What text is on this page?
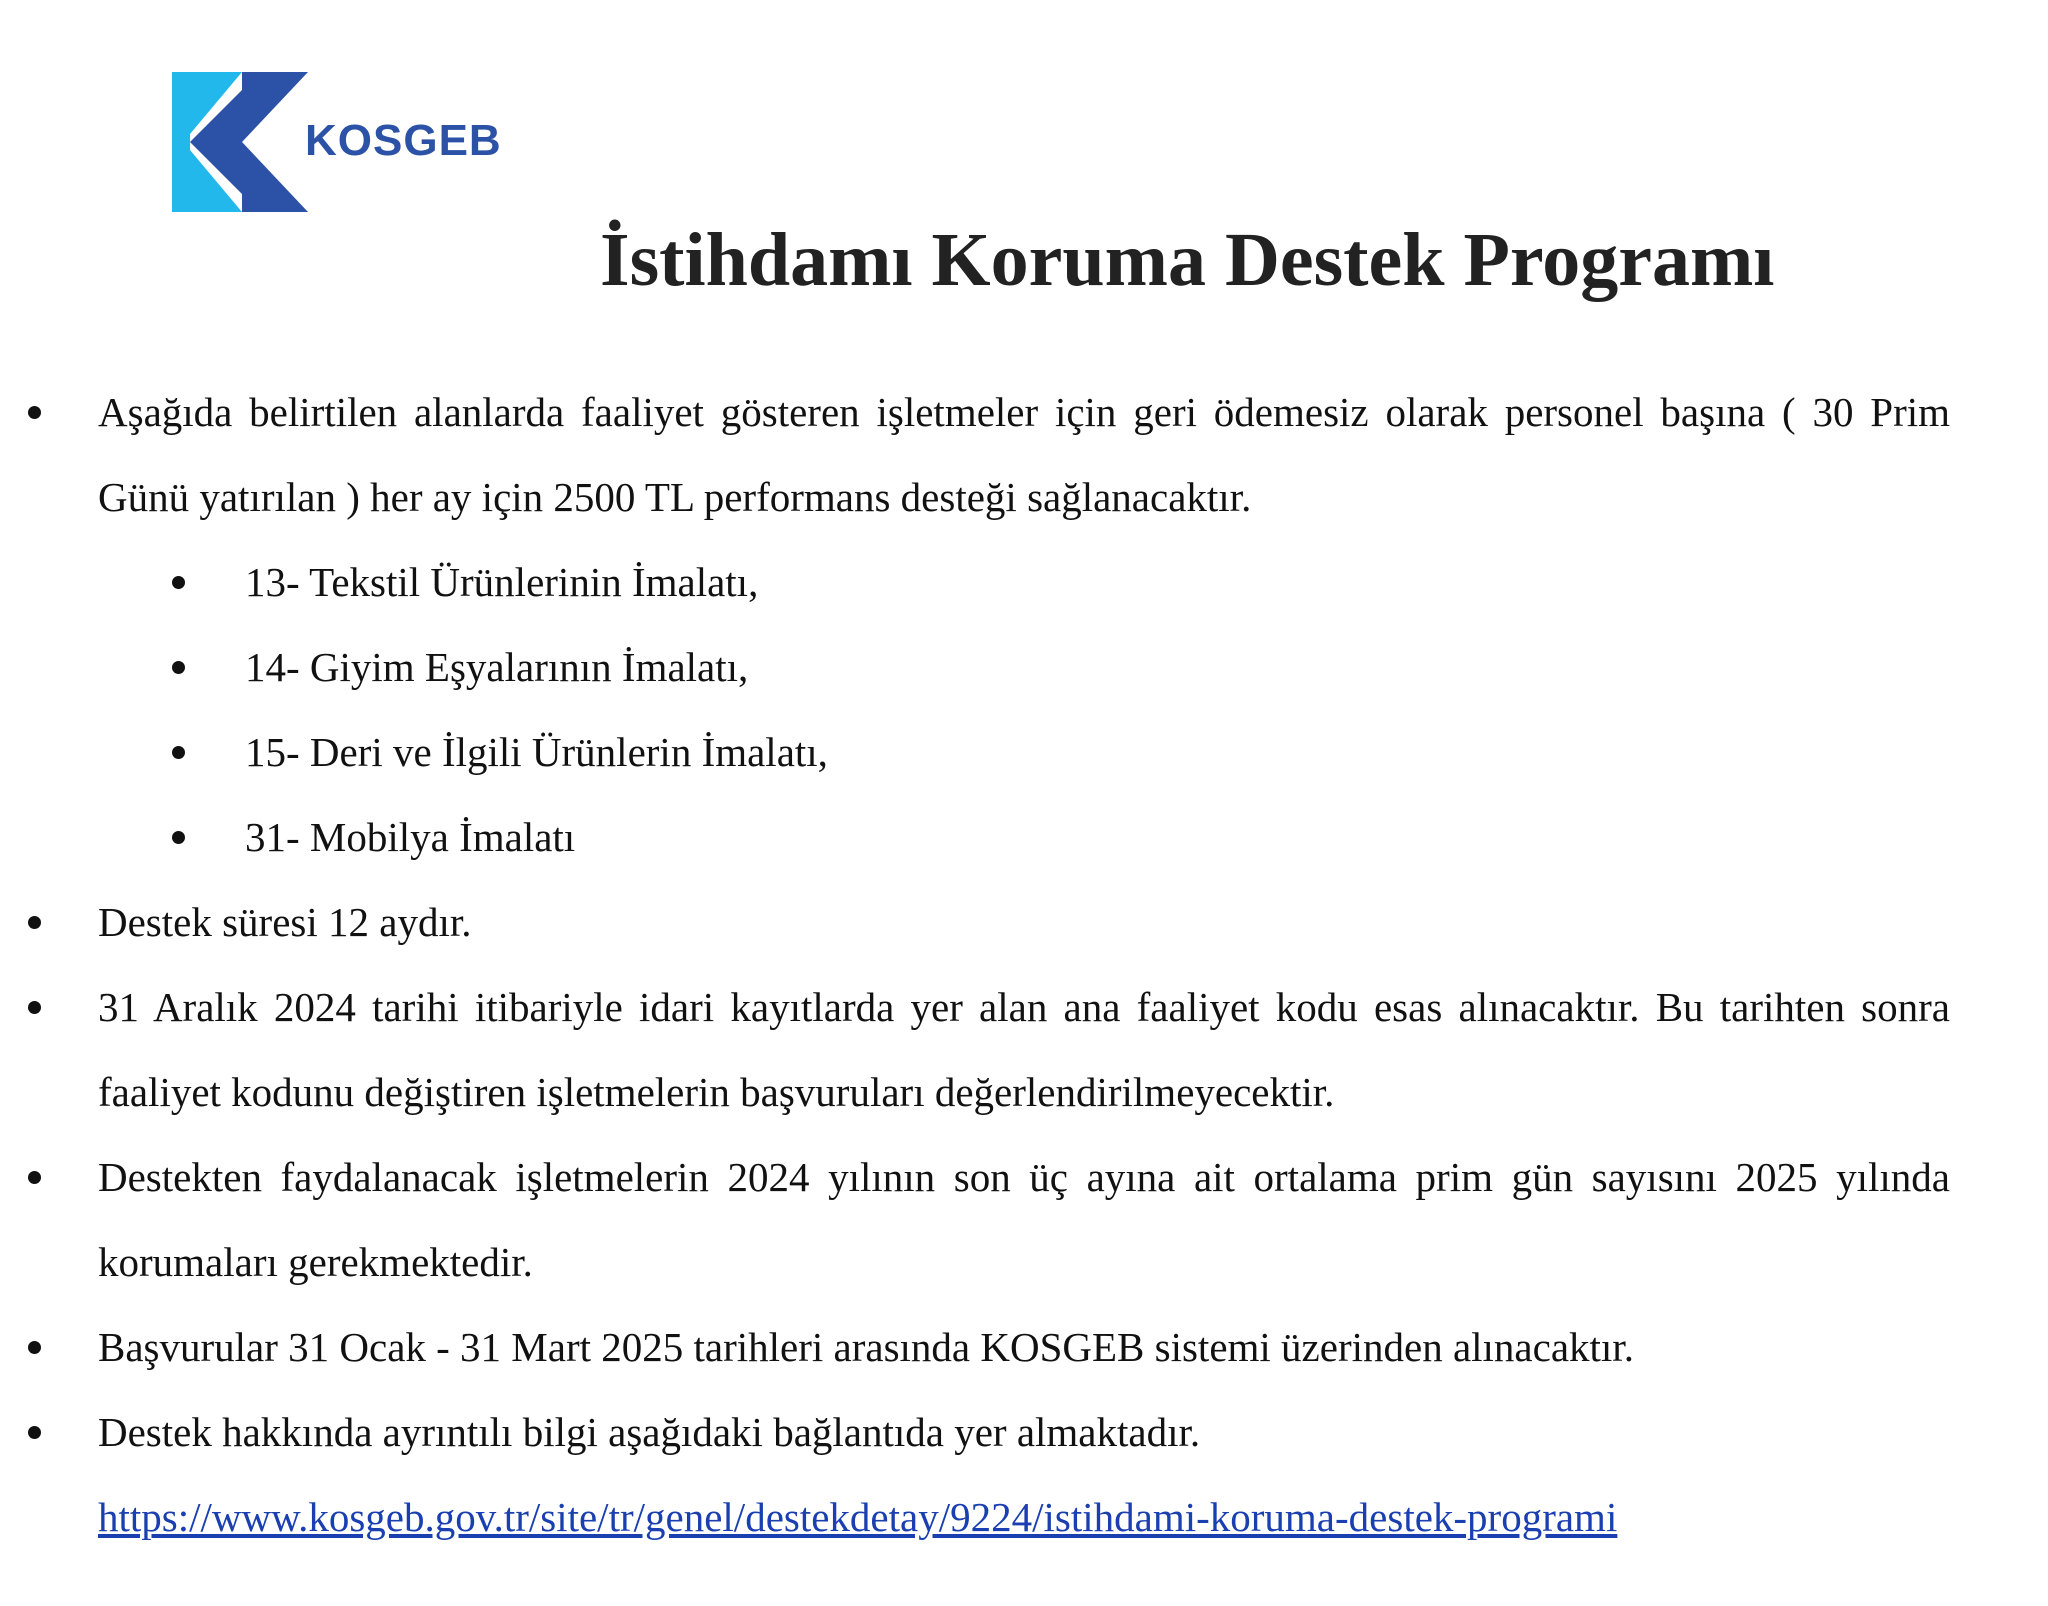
KOSGEB
İstihdamı Koruma Destek Programı
Aşağıda belirtilen alanlarda faaliyet gösteren işletmeler için geri ödemesiz olarak personel başına ( 30 Prim Günü yatırılan ) her ay için 2500 TL performans desteği sağlanacaktır.
13- Tekstil Ürünlerinin İmalatı,
14- Giyim Eşyalarının İmalatı,
15- Deri ve İlgili Ürünlerin İmalatı,
31- Mobilya İmalatı
Destek süresi 12 aydır.
31 Aralık 2024 tarihi itibariyle idari kayıtlarda yer alan ana faaliyet kodu esas alınacaktır. Bu tarihten sonra faaliyet kodunu değiştiren işletmelerin başvuruları değerlendirilmeyecektir.
Destekten faydalanacak işletmelerin 2024 yılının son üç ayına ait ortalama prim gün sayısını 2025 yılında korumaları gerekmektedir.
Başvurular 31 Ocak - 31 Mart 2025 tarihleri arasında KOSGEB sistemi üzerinden alınacaktır.
Destek hakkında ayrıntılı bilgi aşağıdaki bağlantıda yer almaktadır.
https://www.kosgeb.gov.tr/site/tr/genel/destekdetay/9224/istihdami-koruma-destek-programi
